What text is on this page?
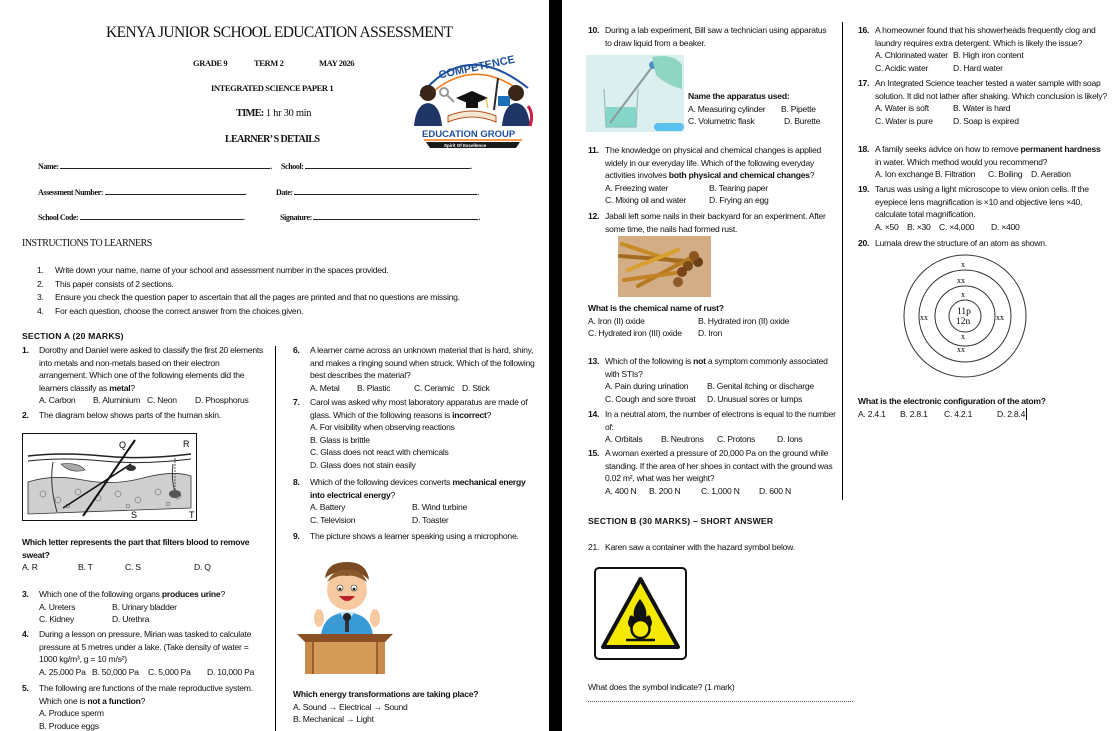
KENYA JUNIOR SCHOOL EDUCATION ASSESSMENT
GRADE 9	TERM 2	MAY 2026
INTEGRATED SCIENCE PAPER 1
TIME: 1 hr 30 min
LEARNER’ S DETAILS
COMPETENCE
EDUCATION GROUP
Spirit Of Excellence
Name:	. School:	.
Assessment Number:	.	Date:	.
School Code:	.	Signature:	.
INSTRUCTIONS TO LEARNERS
1. Write down your name, name of your school and assessment number in the spaces provided.
2. This paper consists of 2 sections.
3. Ensure you check the question paper to ascertain that all the pages are printed and that no questions are missing.
4. For each question, choose the correct answer from the choices given.
SECTION A (20 MARKS)
1.	Dorothy and Daniel were asked to classify the first 20 elements into metals and non-metals based on their electron arrangement. Which one of the following elements did the learners classify as metal?
A. Carbon	B. Aluminium C. Neon	D. Phosphorus
2.	The diagram below shows parts of the human skin.
Q	R
S	T
Which letter represents the part that filters blood to remove sweat?
A. R	B. T	C. S	D. Q
3.	Which one of the following organs produces urine?
A. Ureters	B. Urinary bladder
C. Kidney	D. Urethra
4.	During a lesson on pressure, Mirian was tasked to calculate pressure at 5 metres under a lake. (Take density of water = 1000 kg/m³, g = 10 m/s²)
A. 25,000 Pa B. 50,000 Pa	C. 5,000 Pa	D. 10,000 Pa
5.	The following are functions of the male reproductive system.
Which one is not a function?
A. Produce sperm
B. Produce eggs
6.	A learner came across an unknown material that is hard, shiny, and makes a ringing sound when struck. Which of the following best describes the material?
A. Metal	B. Plastic	C. Ceramic D. Stick
7.	Carol was asked why most laboratory apparatus are made of glass. Which of the following reasons is incorrect?
A. For visibility when observing reactions
B. Glass is brittle
C. Glass does not react with chemicals
D. Glass does not stain easily
8.	Which of the following devices converts mechanical energy into electrical energy?
A. Battery	B. Wind turbine
C. Television	D. Toaster
9.	The picture shows a learner speaking using a microphone.
Which energy transformations are taking place?
A. Sound → Electrical → Sound
B. Mechanical → Light
10. During a lab experiment, Bill saw a technician using apparatus to draw liquid from a beaker.
Name the apparatus used:
A. Measuring cylinder	B. Pipette
C. Volumetric flask	D. Burette
11. The knowledge on physical and chemical changes is applied widely in our everyday life. Which of the following everyday activities involves both physical and chemical changes?
A. Freezing water	B. Tearing paper
C. Mixing oil and water	D. Frying an egg
12. Jabali left some nails in their backyard for an experiment. After some time, the nails had formed rust.
What is the chemical name of rust?
A. Iron (II) oxide	B. Hydrated iron (II) oxide
C. Hydrated iron (III) oxide	D. Iron
13. Which of the following is not a symptom commonly associated with STIs?
A. Pain during urination	B. Genital itching or discharge
C. Cough and sore throat	D. Unusual sores or lumps
14. In a neutral atom, the number of electrons is equal to the number of:
A. Orbitals	B. Neutrons	C. Protons	D. Ions
15. A woman exerted a pressure of 20,000 Pa on the ground while standing. If the area of her shoes in contact with the ground was 0.02 m², what was her weight?
A. 400 N	B. 200 N	C. 1,000 N	D. 600 N
SECTION B (30 MARKS) – SHORT ANSWER
21. Karen saw a container with the hazard symbol below.
What does the symbol indicate? (1 mark)
16. A homeowner found that his showerheads frequently clog and laundry requires extra detergent. Which is likely the issue?
A. Chlorinated water B. High iron content
C. Acidic water	D. Hard water
17. An Integrated Science teacher tested a water sample with soap solution. It did not lather after shaking. Which conclusion is likely?
A. Water is soft	B. Water is hard
C. Water is pure	D. Soap is expired
18. A family seeks advice on how to remove permanent hardness in water. Which method would you recommend?
A. Ion exchange B. Filtration	C. Boiling	D. Aeration
19. Tarus was using a light microscope to view onion cells. If the eyepiece lens magnification is ×10 and objective lens ×40, calculate total magnification.
A. ×50 B. ×30 C. ×4,000	D. ×400
20. Lumala drew the structure of an atom as shown.
x
xx
x
11p
12n
x
xx
xx	xx
What is the electronic configuration of the atom?
A. 2.4.1	B. 2.8.1	C. 4.2.1	D. 2.8.4
